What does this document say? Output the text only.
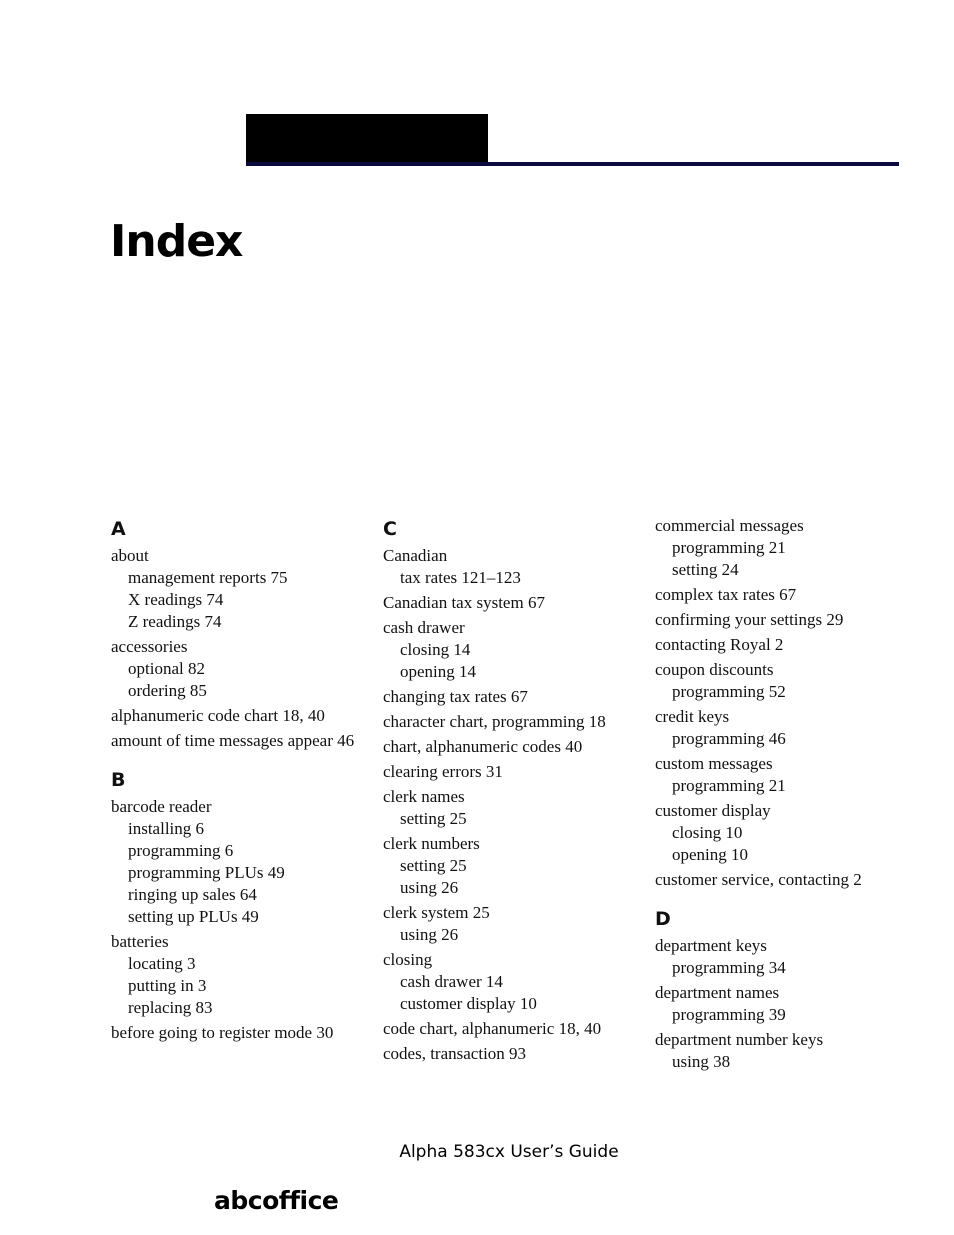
Index
A
about
management reports 75
X readings 74
Z readings 74
accessories
optional 82
ordering 85
alphanumeric code chart 18, 40
amount of time messages appear 46
B
barcode reader
installing 6
programming 6
programming PLUs 49
ringing up sales 64
setting up PLUs 49
batteries
locating 3
putting in 3
replacing 83
before going to register mode 30
C
Canadian
tax rates 121–123
Canadian tax system 67
cash drawer
closing 14
opening 14
changing tax rates 67
character chart, programming 18
chart, alphanumeric codes 40
clearing errors 31
clerk names
setting 25
clerk numbers
setting 25
using 26
clerk system 25
using 26
closing
cash drawer 14
customer display 10
code chart, alphanumeric 18, 40
codes, transaction 93
commercial messages
programming 21
setting 24
complex tax rates 67
confirming your settings 29
contacting Royal 2
coupon discounts
programming 52
credit keys
programming 46
custom messages
programming 21
customer display
closing 10
opening 10
customer service, contacting 2
D
department keys
programming 34
department names
programming 39
department number keys
using 38
Alpha 583cx User’s Guide
abcoffice
